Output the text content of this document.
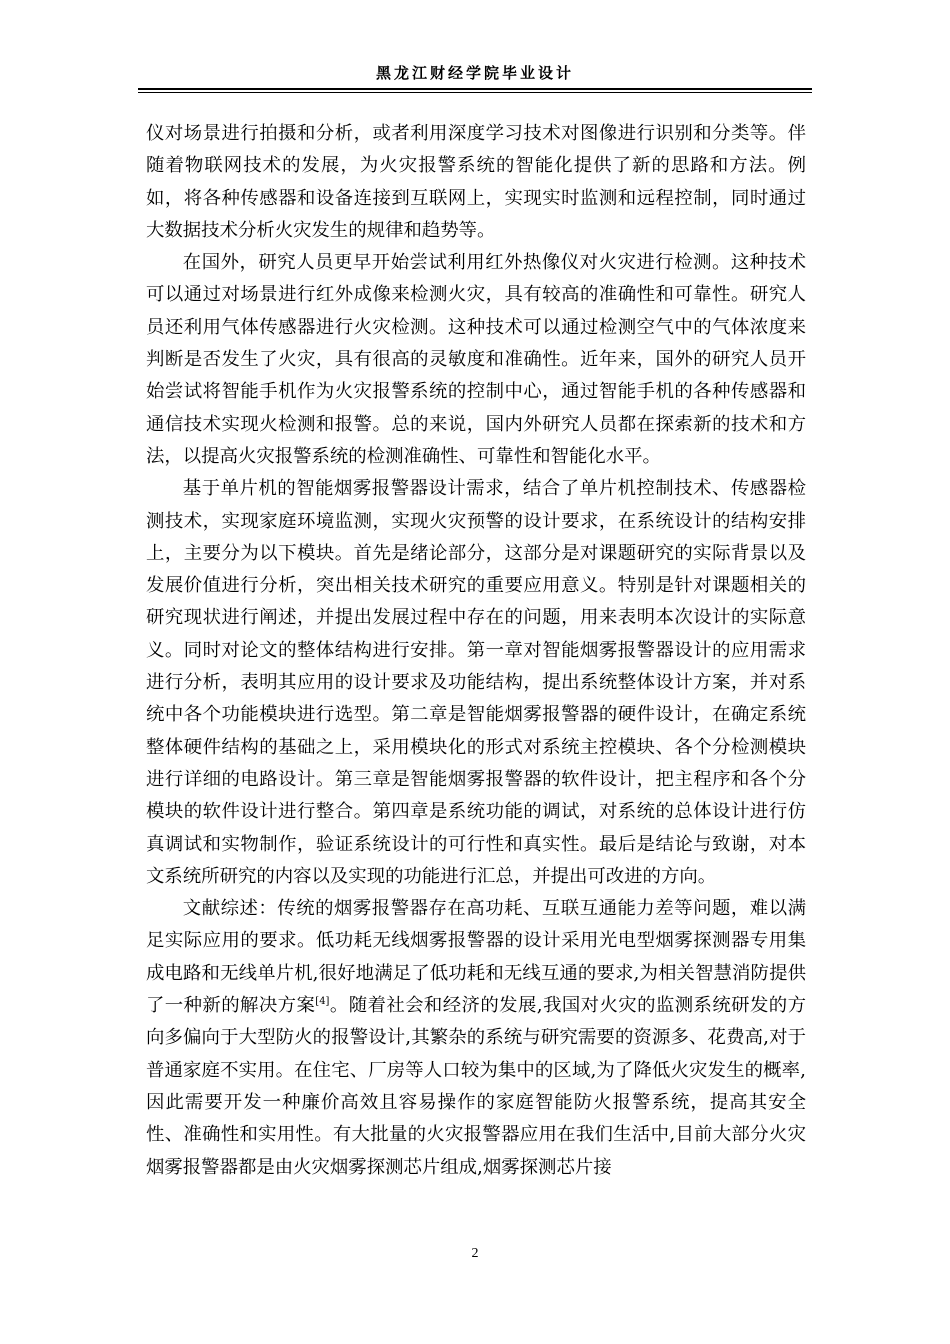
黑龙江财经学院毕业设计

仪对场景进行拍摄和分析，或者利用深度学习技术对图像进行识别和分类等。伴随着物联网技术的发展，为火灾报警系统的智能化提供了新的思路和方法。例如，将各种传感器和设备连接到互联网上，实现实时监测和远程控制，同时通过大数据技术分析火灾发生的规律和趋势等。

在国外，研究人员更早开始尝试利用红外热像仪对火灾进行检测。这种技术可以通过对场景进行红外成像来检测火灾，具有较高的准确性和可靠性。研究人员还利用气体传感器进行火灾检测。这种技术可以通过检测空气中的气体浓度来判断是否发生了火灾，具有很高的灵敏度和准确性。近年来，国外的研究人员开始尝试将智能手机作为火灾报警系统的控制中心，通过智能手机的各种传感器和通信技术实现火检测和报警。总的来说，国内外研究人员都在探索新的技术和方法，以提高火灾报警系统的检测准确性、可靠性和智能化水平。

基于单片机的智能烟雾报警器设计需求，结合了单片机控制技术、传感器检测技术，实现家庭环境监测，实现火灾预警的设计要求，在系统设计的结构安排上，主要分为以下模块。首先是绪论部分，这部分是对课题研究的实际背景以及发展价值进行分析，突出相关技术研究的重要应用意义。特别是针对课题相关的研究现状进行阐述，并提出发展过程中存在的问题，用来表明本次设计的实际意义。同时对论文的整体结构进行安排。第一章对智能烟雾报警器设计的应用需求进行分析，表明其应用的设计要求及功能结构，提出系统整体设计方案，并对系统中各个功能模块进行选型。第二章是智能烟雾报警器的硬件设计，在确定系统整体硬件结构的基础之上，采用模块化的形式对系统主控模块、各个分检测模块进行详细的电路设计。第三章是智能烟雾报警器的软件设计，把主程序和各个分模块的软件设计进行整合。第四章是系统功能的调试，对系统的总体设计进行仿真调试和实物制作，验证系统设计的可行性和真实性。最后是结论与致谢，对本文系统所研究的内容以及实现的功能进行汇总，并提出可改进的方向。

文献综述：传统的烟雾报警器存在高功耗、互联互通能力差等问题，难以满足实际应用的要求。低功耗无线烟雾报警器的设计采用光电型烟雾探测器专用集成电路和无线单片机,很好地满足了低功耗和无线互通的要求,为相关智慧消防提供了一种新的解决方案[4]。随着社会和经济的发展,我国对火灾的监测系统研发的方向多偏向于大型防火的报警设计,其繁杂的系统与研究需要的资源多、花费高,对于普通家庭不实用。在住宅、厂房等人口较为集中的区域,为了降低火灾发生的概率,因此需要开发一种廉价高效且容易操作的家庭智能防火报警系统，提高其安全性、准确性和实用性。有大批量的火灾报警器应用在我们生活中,目前大部分火灾烟雾报警器都是由火灾烟雾探测芯片组成,烟雾探测芯片接

2
